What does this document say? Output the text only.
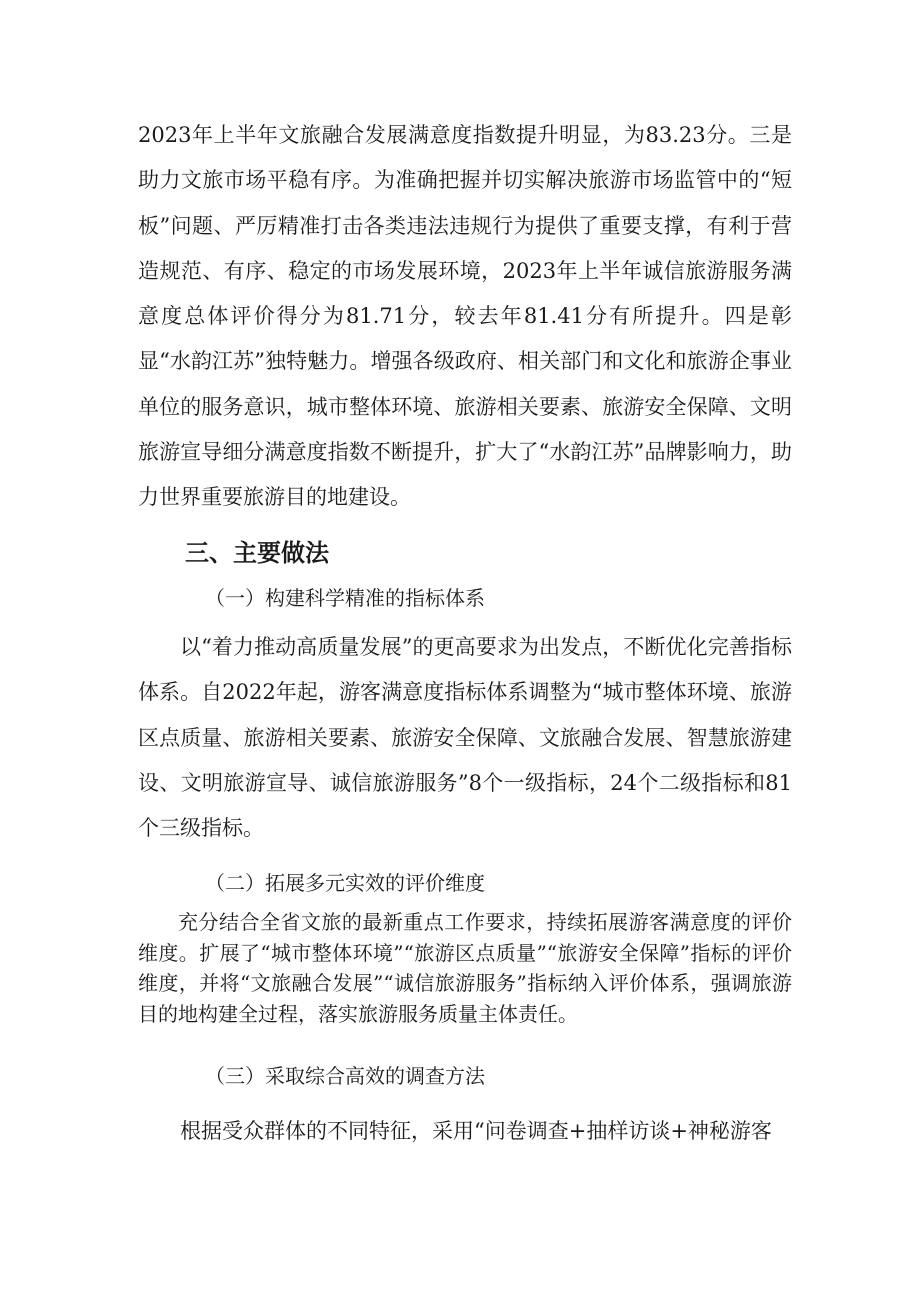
2023年上半年文旅融合发展满意度指数提升明显，为83.23分。三是助力文旅市场平稳有序。为准确把握并切实解决旅游市场监管中的“短板”问题、严厉精准打击各类违法违规行为提供了重要支撑，有利于营造规范、有序、稳定的市场发展环境，2023年上半年诚信旅游服务满意度总体评价得分为81.71分，较去年81.41分有所提升。四是彰显“水韵江苏”独特魅力。增强各级政府、相关部门和文化和旅游企事业单位的服务意识，城市整体环境、旅游相关要素、旅游安全保障、文明旅游宣导细分满意度指数不断提升，扩大了“水韵江苏”品牌影响力，助力世界重要旅游目的地建设。

三、主要做法

（一）构建科学精准的指标体系

以“着力推动高质量发展”的更高要求为出发点，不断优化完善指标体系。自2022年起，游客满意度指标体系调整为“城市整体环境、旅游区点质量、旅游相关要素、旅游安全保障、文旅融合发展、智慧旅游建设、文明旅游宣导、诚信旅游服务”8个一级指标，24个二级指标和81个三级指标。

（二）拓展多元实效的评价维度

充分结合全省文旅的最新重点工作要求，持续拓展游客满意度的评价维度。扩展了“城市整体环境”“旅游区点质量”“旅游安全保障”指标的评价维度，并将“文旅融合发展”“诚信旅游服务”指标纳入评价体系，强调旅游目的地构建全过程，落实旅游服务质量主体责任。

（三）采取综合高效的调查方法

根据受众群体的不同特征，采用“问卷调查+抽样访谈+神秘游客
